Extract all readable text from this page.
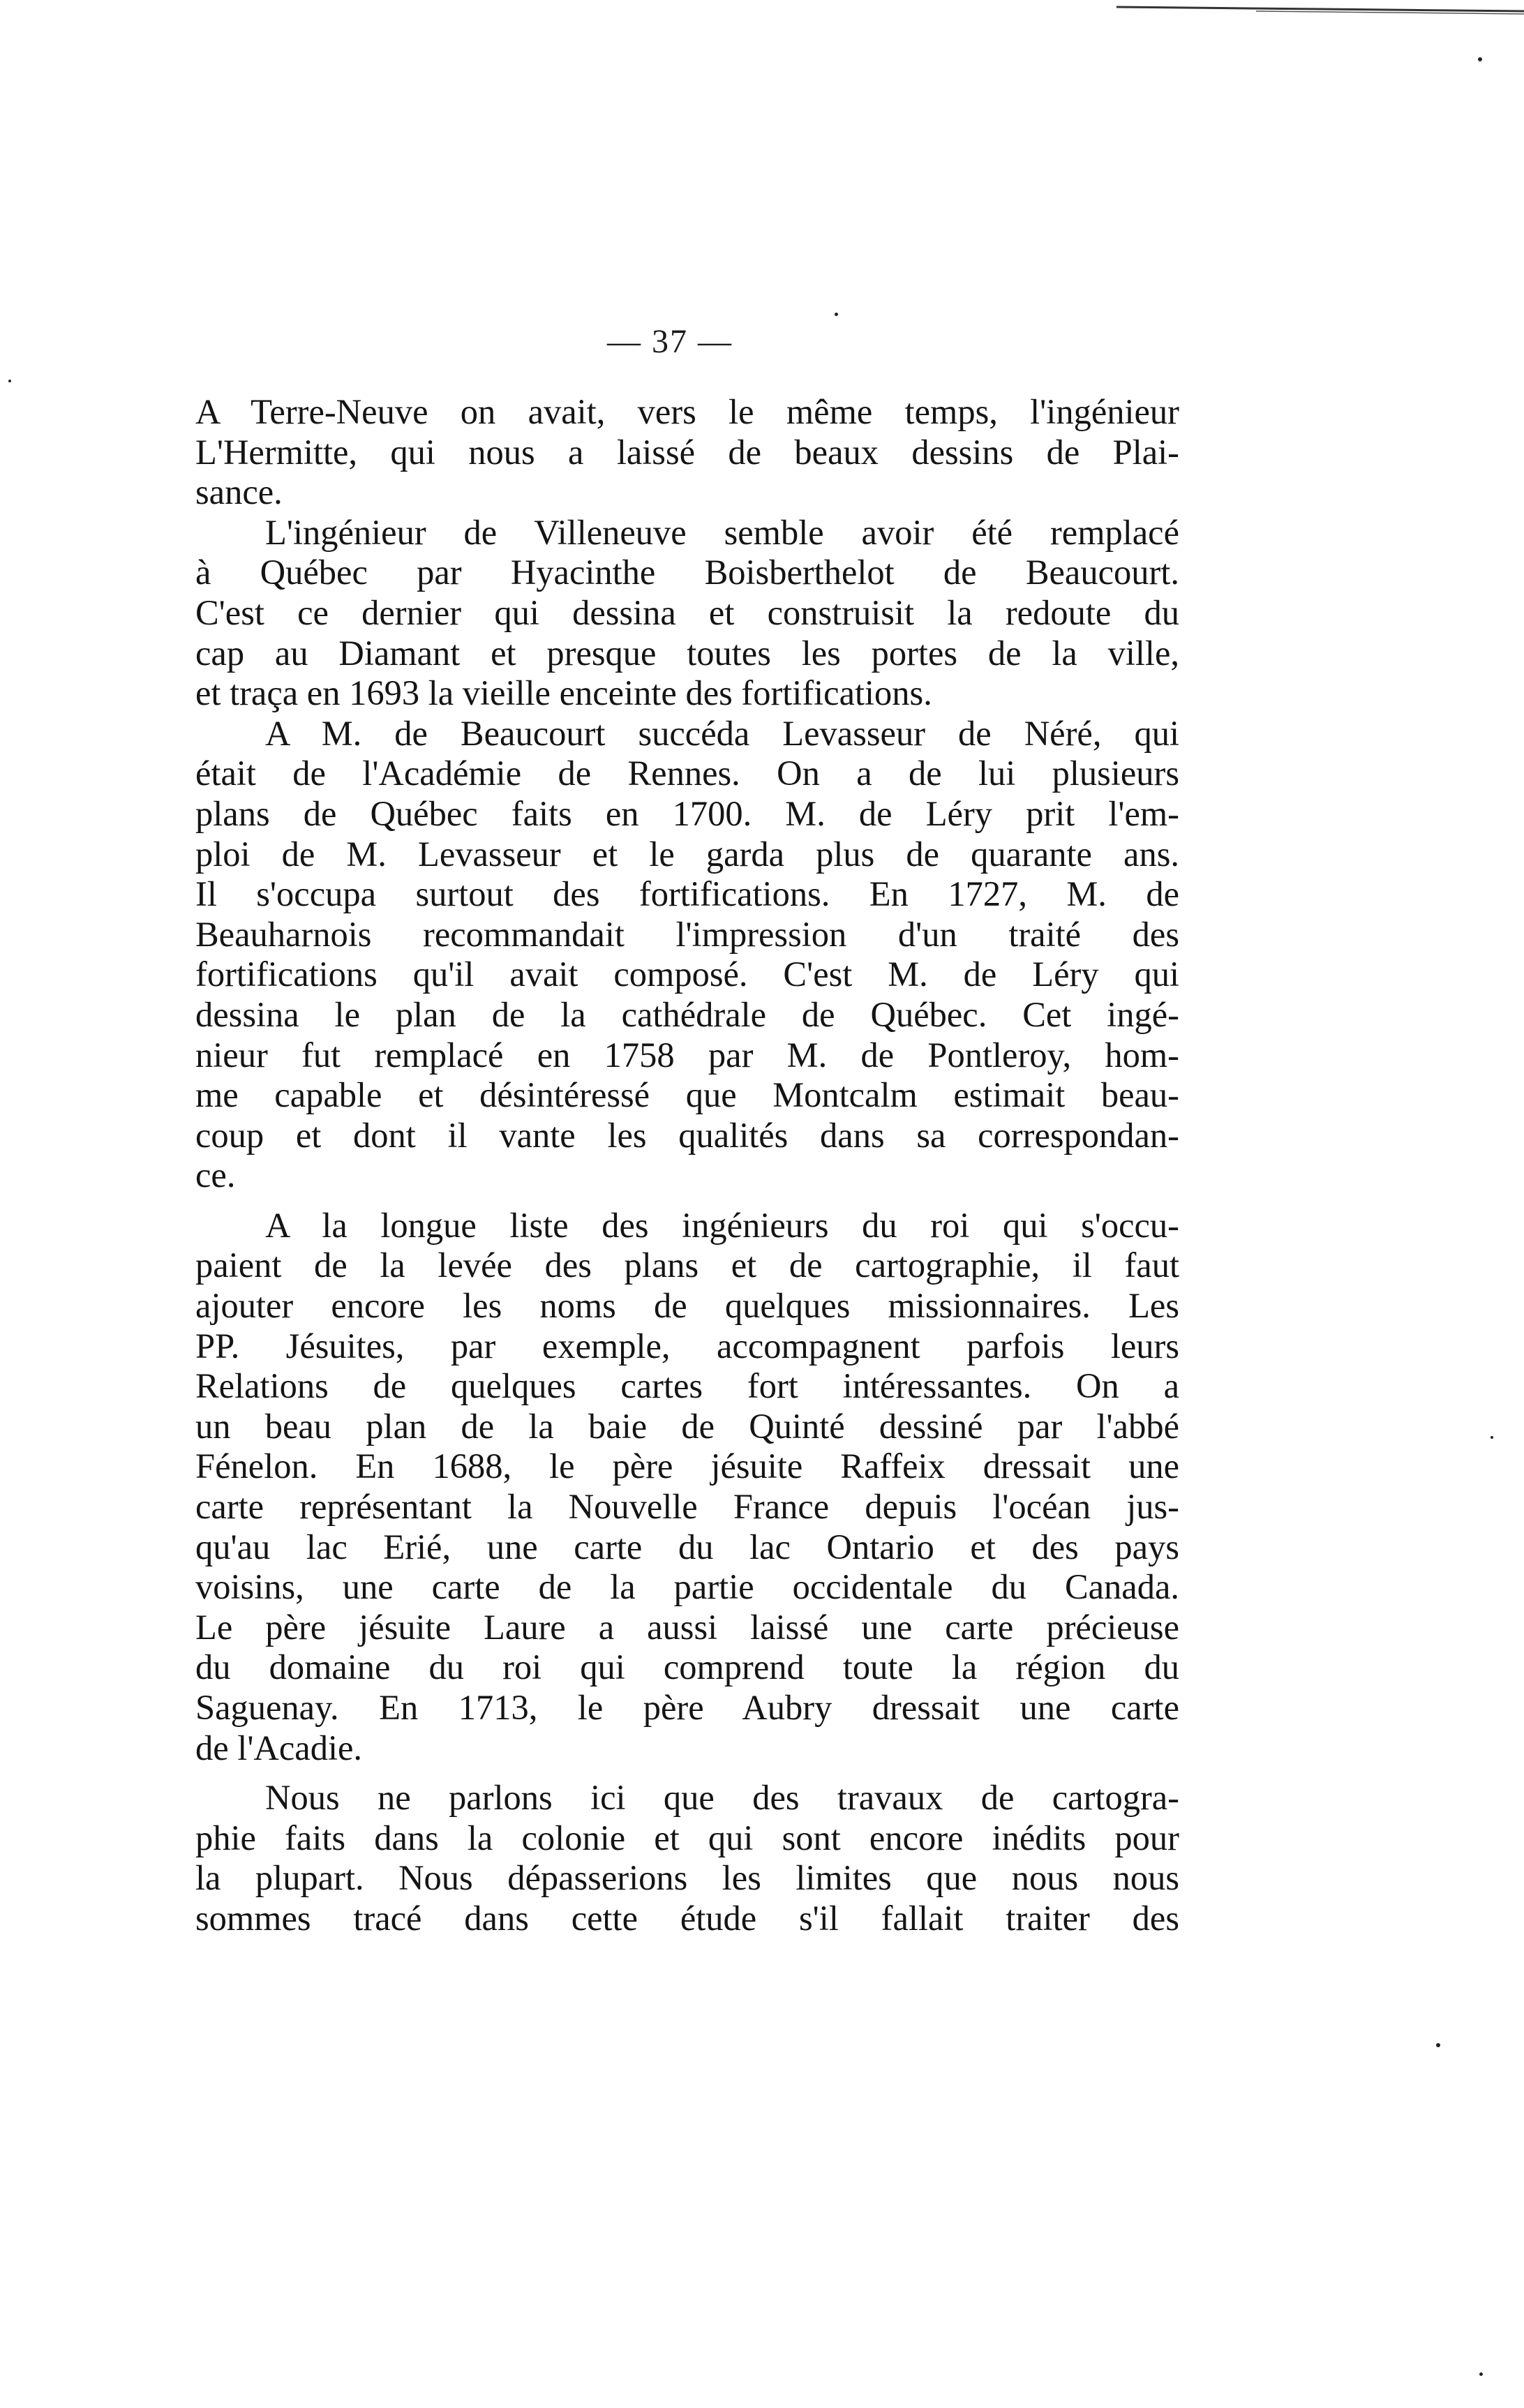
— 37 —
A Terre-Neuve on avait, vers le même temps, l'ingénieur
L'Hermitte, qui nous a laissé de beaux dessins de Plai-
sance.
L'ingénieur de Villeneuve semble avoir été remplacé
à Québec par Hyacinthe Boisberthelot de Beaucourt.
C'est ce dernier qui dessina et construisit la redoute du
cap au Diamant et presque toutes les portes de la ville,
et traça en 1693 la vieille enceinte des fortifications.
A M. de Beaucourt succéda Levasseur de Néré, qui
était de l'Académie de Rennes. On a de lui plusieurs
plans de Québec faits en 1700. M. de Léry prit l'em-
ploi de M. Levasseur et le garda plus de quarante ans.
Il s'occupa surtout des fortifications. En 1727, M. de
Beauharnois recommandait l'impression d'un traité des
fortifications qu'il avait composé. C'est M. de Léry qui
dessina le plan de la cathédrale de Québec. Cet ingé-
nieur fut remplacé en 1758 par M. de Pontleroy, hom-
me capable et désintéressé que Montcalm estimait beau-
coup et dont il vante les qualités dans sa correspondan-
ce.
A la longue liste des ingénieurs du roi qui s'occu-
paient de la levée des plans et de cartographie, il faut
ajouter encore les noms de quelques missionnaires. Les
PP. Jésuites, par exemple, accompagnent parfois leurs
Relations de quelques cartes fort intéressantes. On a
un beau plan de la baie de Quinté dessiné par l'abbé
Fénelon. En 1688, le père jésuite Raffeix dressait une
carte représentant la Nouvelle France depuis l'océan jus-
qu'au lac Erié, une carte du lac Ontario et des pays
voisins, une carte de la partie occidentale du Canada.
Le père jésuite Laure a aussi laissé une carte précieuse
du domaine du roi qui comprend toute la région du
Saguenay. En 1713, le père Aubry dressait une carte
de l'Acadie.
Nous ne parlons ici que des travaux de cartogra-
phie faits dans la colonie et qui sont encore inédits pour
la plupart. Nous dépasserions les limites que nous nous
sommes tracé dans cette étude s'il fallait traiter des
